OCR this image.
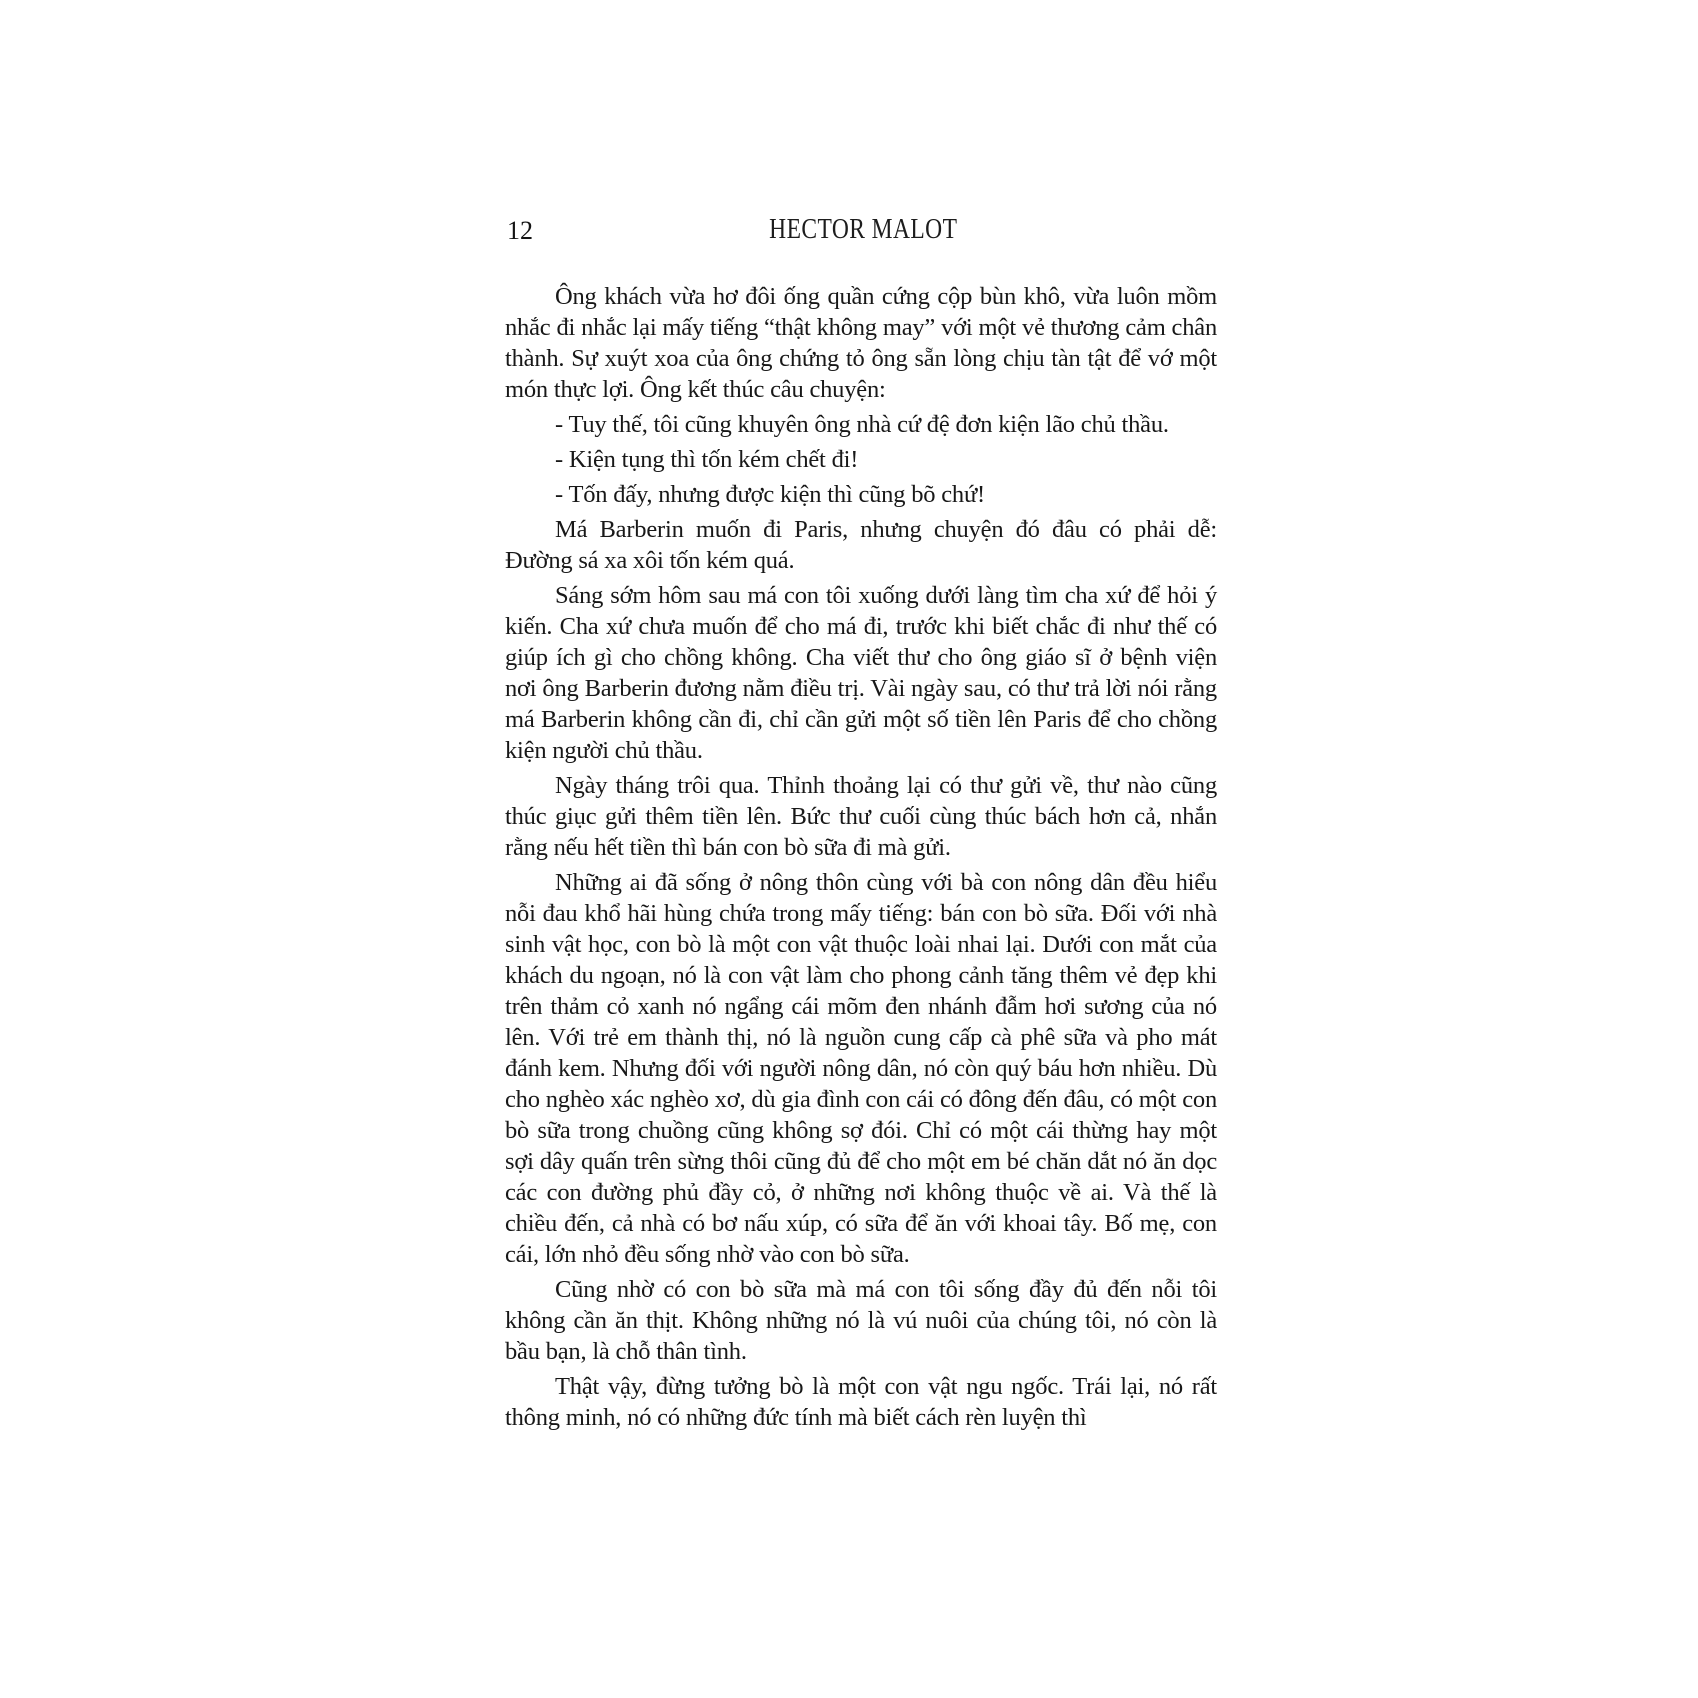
12	HECTOR MALOT

Ông khách vừa hơ đôi ống quần cứng cộp bùn khô, vừa luôn mồm nhắc đi nhắc lại mấy tiếng “thật không may” với một vẻ thương cảm chân thành. Sự xuýt xoa của ông chứng tỏ ông sẵn lòng chịu tàn tật để vớ một món thực lợi. Ông kết thúc câu chuyện:

- Tuy thế, tôi cũng khuyên ông nhà cứ đệ đơn kiện lão chủ thầu.

- Kiện tụng thì tốn kém chết đi!

- Tốn đấy, nhưng được kiện thì cũng bõ chứ!

Má Barberin muốn đi Paris, nhưng chuyện đó đâu có phải dễ: Đường sá xa xôi tốn kém quá.

Sáng sớm hôm sau má con tôi xuống dưới làng tìm cha xứ để hỏi ý kiến. Cha xứ chưa muốn để cho má đi, trước khi biết chắc đi như thế có giúp ích gì cho chồng không. Cha viết thư cho ông giáo sĩ ở bệnh viện nơi ông Barberin đương nằm điều trị. Vài ngày sau, có thư trả lời nói rằng má Barberin không cần đi, chỉ cần gửi một số tiền lên Paris để cho chồng kiện người chủ thầu.

Ngày tháng trôi qua. Thỉnh thoảng lại có thư gửi về, thư nào cũng thúc giục gửi thêm tiền lên. Bức thư cuối cùng thúc bách hơn cả, nhắn rằng nếu hết tiền thì bán con bò sữa đi mà gửi.

Những ai đã sống ở nông thôn cùng với bà con nông dân đều hiểu nỗi đau khổ hãi hùng chứa trong mấy tiếng: bán con bò sữa. Đối với nhà sinh vật học, con bò là một con vật thuộc loài nhai lại. Dưới con mắt của khách du ngoạn, nó là con vật làm cho phong cảnh tăng thêm vẻ đẹp khi trên thảm cỏ xanh nó ngẩng cái mõm đen nhánh đẫm hơi sương của nó lên. Với trẻ em thành thị, nó là nguồn cung cấp cà phê sữa và pho mát đánh kem. Nhưng đối với người nông dân, nó còn quý báu hơn nhiều. Dù cho nghèo xác nghèo xơ, dù gia đình con cái có đông đến đâu, có một con bò sữa trong chuồng cũng không sợ đói. Chỉ có một cái thừng hay một sợi dây quấn trên sừng thôi cũng đủ để cho một em bé chăn dắt nó ăn dọc các con đường phủ đầy cỏ, ở những nơi không thuộc về ai. Và thế là chiều đến, cả nhà có bơ nấu xúp, có sữa để ăn với khoai tây. Bố mẹ, con cái, lớn nhỏ đều sống nhờ vào con bò sữa.

Cũng nhờ có con bò sữa mà má con tôi sống đầy đủ đến nỗi tôi không cần ăn thịt. Không những nó là vú nuôi của chúng tôi, nó còn là bầu bạn, là chỗ thân tình.

Thật vậy, đừng tưởng bò là một con vật ngu ngốc. Trái lại, nó rất thông minh, nó có những đức tính mà biết cách rèn luyện thì
